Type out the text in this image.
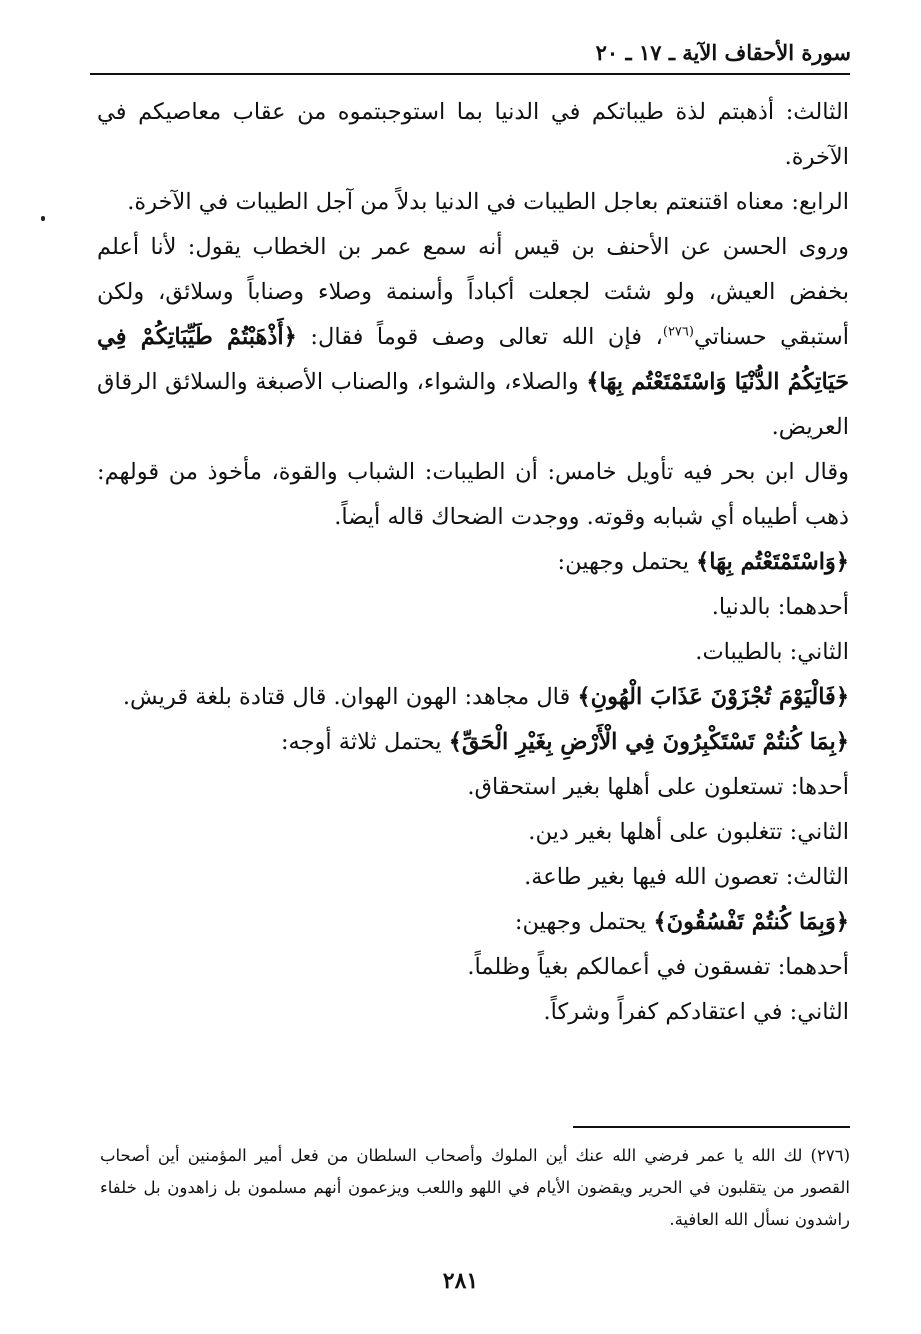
سورة الأحقاف الآية ـ ١٧ ـ ٢٠

الثالث: أذهبتم لذة طيباتكم في الدنيا بما استوجبتموه من عقاب معاصيكم في الآخرة.

الرابع: معناه اقتنعتم بعاجل الطيبات في الدنيا بدلاً من آجل الطيبات في الآخرة.

وروى الحسن عن الأحنف بن قيس أنه سمع عمر بن الخطاب يقول: لأنا أعلم بخفض العيش، ولو شئت لجعلت أكباداً وأسنمة وصلاء وصناباً وسلائق، ولكن أستبقي حسناتي$^{(٢٧٦)}$، فإن الله تعالى وصف قوماً فقال: ﴿أَذْهَبْتُمْ طَيِّبَاتِكُمْ فِي حَيَاتِكُمُ الدُّنْيَا وَاسْتَمْتَعْتُم بِهَا﴾ والصلاء، والشواء، والصناب الأصبغة والسلائق الرقاق العريض.

وقال ابن بحر فيه تأويل خامس: أن الطيبات: الشباب والقوة، مأخوذ من قولهم: ذهب أطيباه أي شبابه وقوته. ووجدت الضحاك قاله أيضاً.

﴿وَاسْتَمْتَعْتُم بِهَا﴾ يحتمل وجهين:

أحدهما: بالدنيا.

الثاني: بالطيبات.

﴿فَالْيَوْمَ تُجْزَوْنَ عَذَابَ الْهُونِ﴾ قال مجاهد: الهون الهوان. قال قتادة بلغة قريش.

﴿بِمَا كُنتُمْ تَسْتَكْبِرُونَ فِي الْأَرْضِ بِغَيْرِ الْحَقِّ﴾ يحتمل ثلاثة أوجه:

أحدها: تستعلون على أهلها بغير استحقاق.

الثاني: تتغلبون على أهلها بغير دين.

الثالث: تعصون الله فيها بغير طاعة.

﴿وَبِمَا كُنتُمْ تَفْسُقُونَ﴾ يحتمل وجهين:

أحدهما: تفسقون في أعمالكم بغياً وظلماً.

الثاني: في اعتقادكم كفراً وشركاً.

(٢٧٦) لك الله يا عمر فرضي الله عنك أين الملوك وأصحاب السلطان من فعل أمير المؤمنين أين أصحاب القصور من يتقلبون في الحرير ويقضون الأيام في اللهو واللعب ويزعمون أنهم مسلمون بل زاهدون بل خلفاء راشدون نسأل الله العافية.

٢٨١
